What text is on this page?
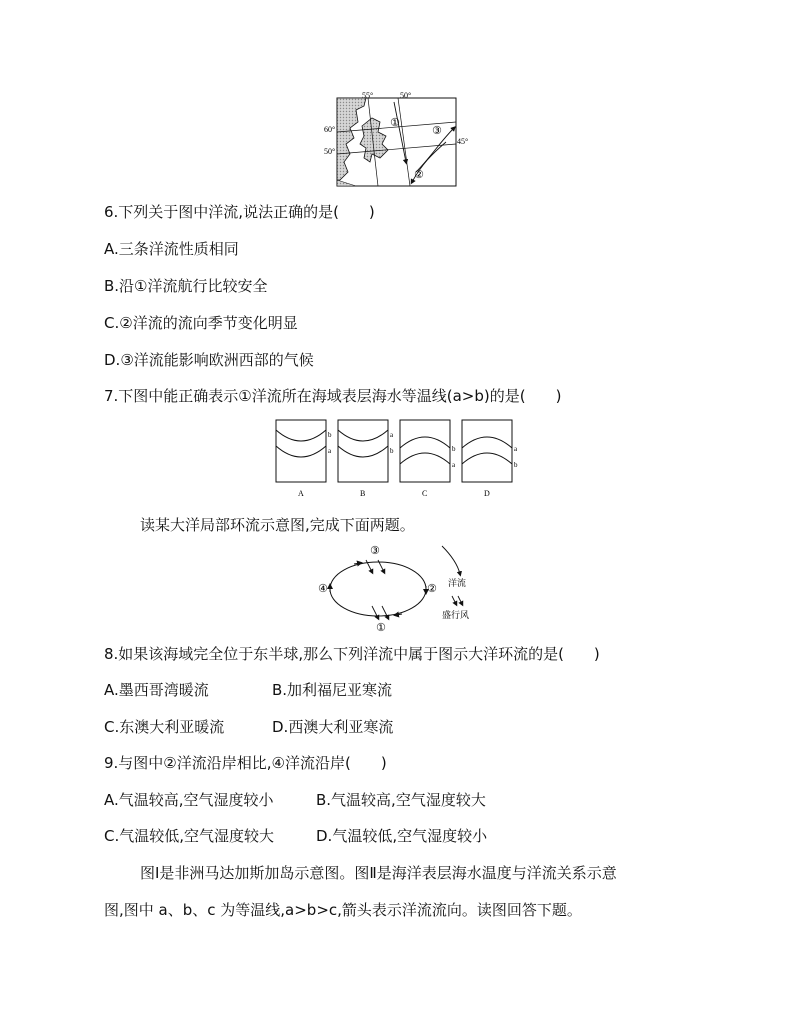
55°	50°
60°
50°
45°
①
②
③
6.下列关于图中洋流,说法正确的是(　　)
A.三条洋流性质相同
B.沿①洋流航行比较安全
C.②洋流的流向季节变化明显
D.③洋流能影响欧洲西部的气候
7.下图中能正确表示①洋流所在海域表层海水等温线(a>b)的是(　　)
b
a
A
a
b
B
b
a
C
a
b
D
读某大洋局部环流示意图,完成下面两题。
③
②
①
④	洋流
盛行风
8.如果该海域完全位于东半球,那么下列洋流中属于图示大洋环流的是(　　)
A.墨西哥湾暖流	B.加利福尼亚寒流
C.东澳大利亚暖流	D.西澳大利亚寒流
9.与图中②洋流沿岸相比,④洋流沿岸(　　)
A.气温较高,空气湿度较小	B.气温较高,空气湿度较大
C.气温较低,空气湿度较大	D.气温较低,空气湿度较小
图Ⅰ是非洲马达加斯加岛示意图。图Ⅱ是海洋表层海水温度与洋流关系示意
图,图中 a、b、c 为等温线,a>b>c,箭头表示洋流流向。读图回答下题。
